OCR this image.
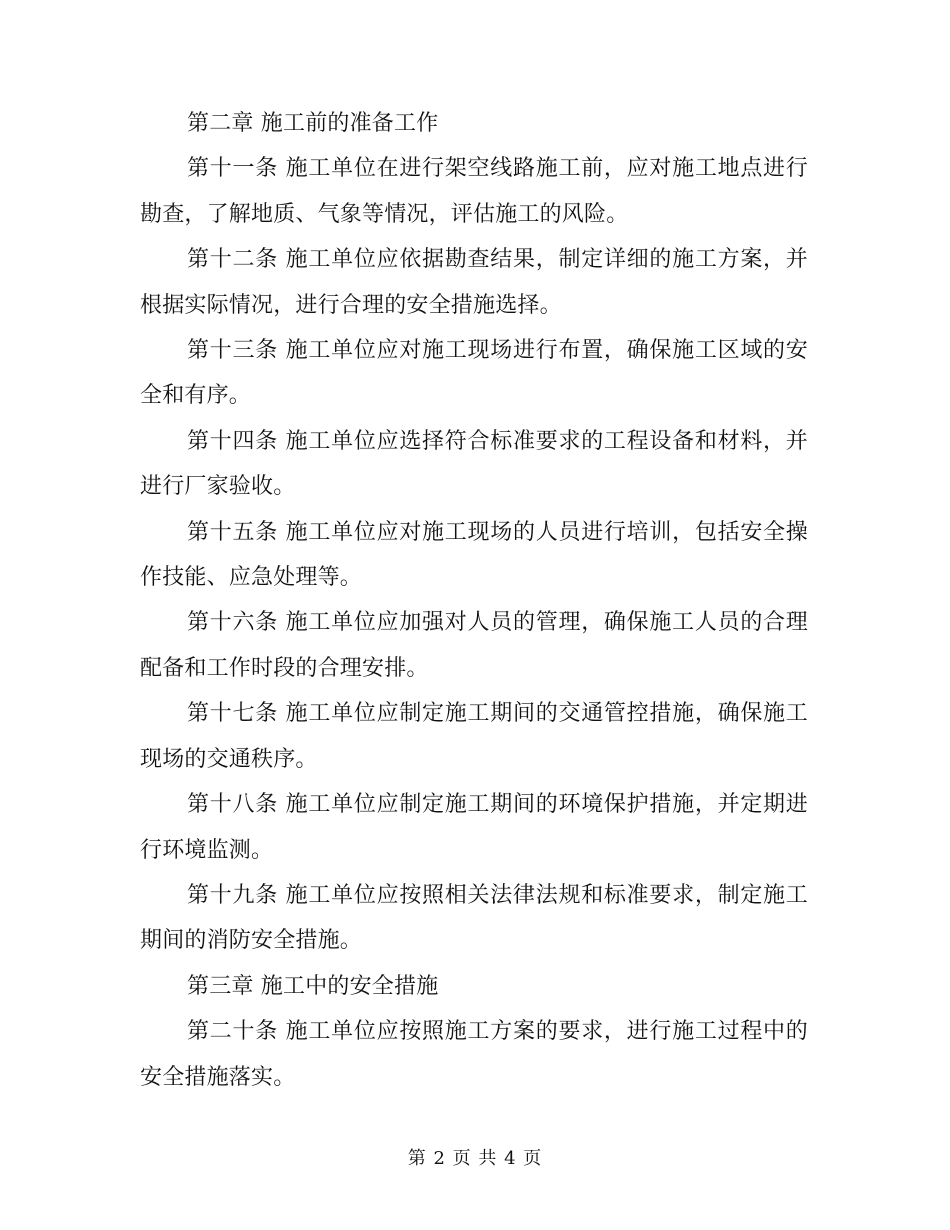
第二章 施工前的准备工作

第十一条 施工单位在进行架空线路施工前，应对施工地点进行勘查，了解地质、气象等情况，评估施工的风险。

第十二条 施工单位应依据勘查结果，制定详细的施工方案，并根据实际情况，进行合理的安全措施选择。

第十三条 施工单位应对施工现场进行布置，确保施工区域的安全和有序。

第十四条 施工单位应选择符合标准要求的工程设备和材料，并进行厂家验收。

第十五条 施工单位应对施工现场的人员进行培训，包括安全操作技能、应急处理等。

第十六条 施工单位应加强对人员的管理，确保施工人员的合理配备和工作时段的合理安排。

第十七条 施工单位应制定施工期间的交通管控措施，确保施工现场的交通秩序。

第十八条 施工单位应制定施工期间的环境保护措施，并定期进行环境监测。

第十九条 施工单位应按照相关法律法规和标准要求，制定施工期间的消防安全措施。

第三章 施工中的安全措施

第二十条 施工单位应按照施工方案的要求，进行施工过程中的安全措施落实。

第 2 页 共 4 页
